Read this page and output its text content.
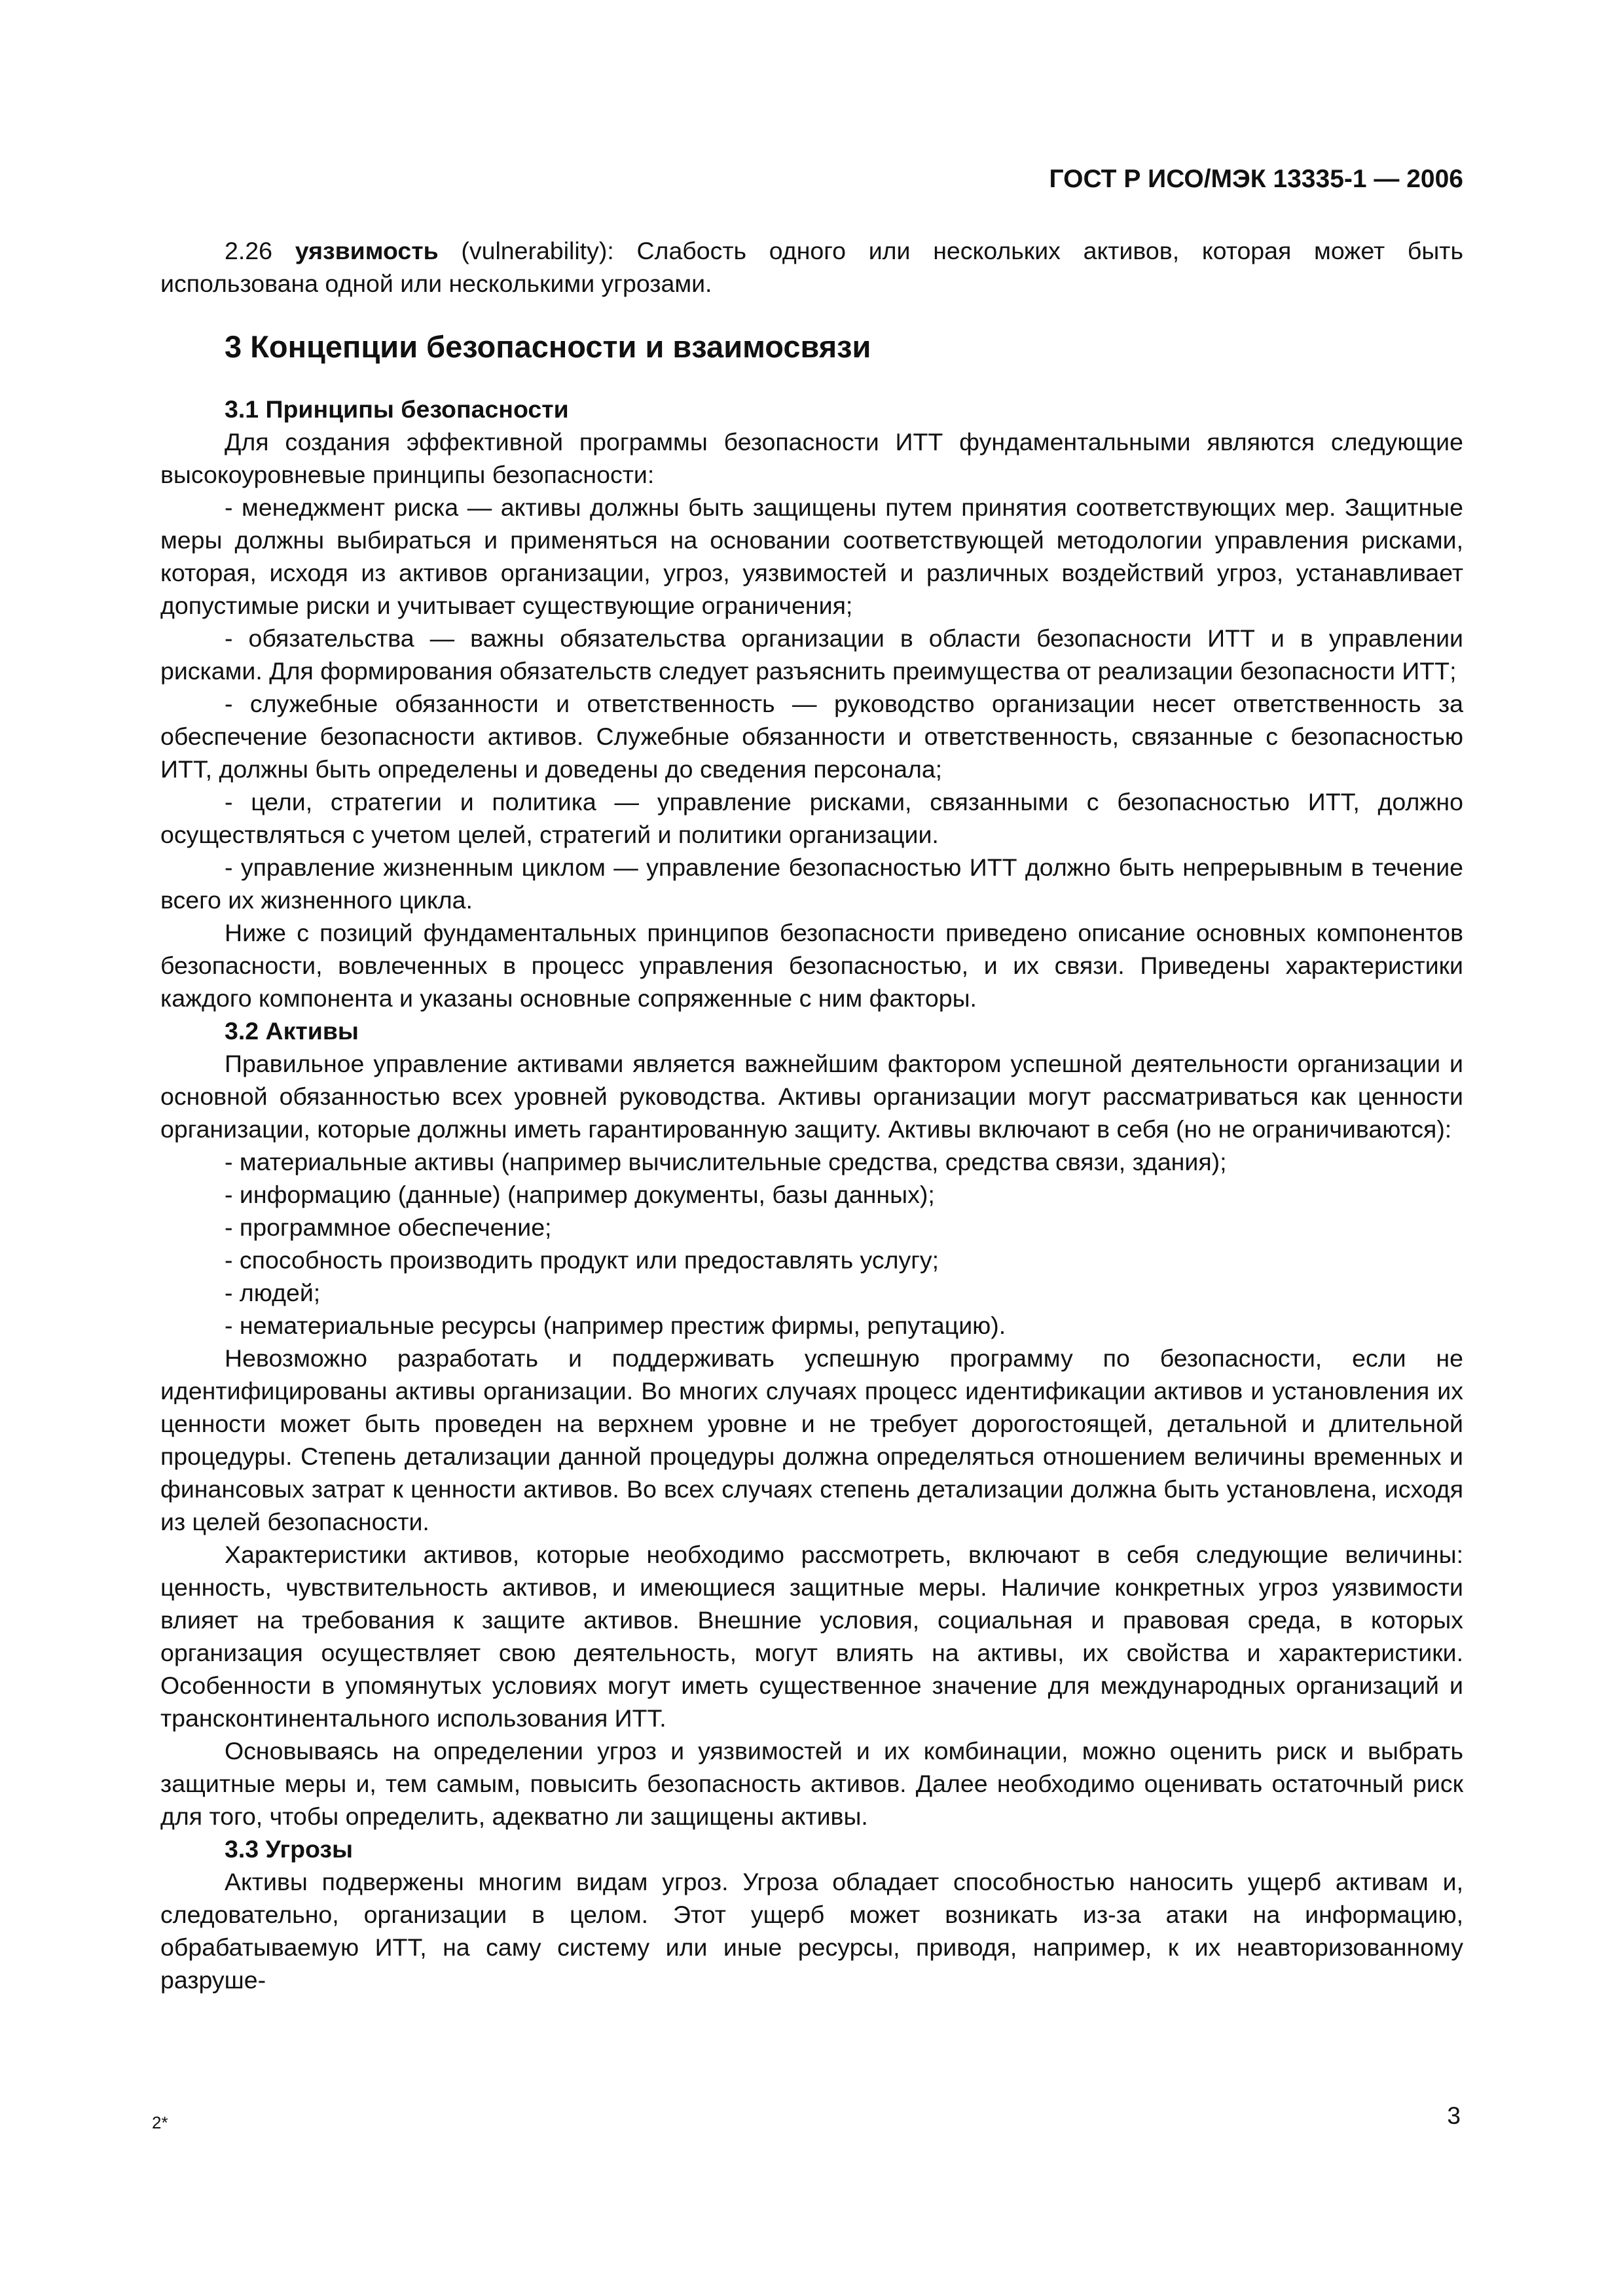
ГОСТ Р ИСО/МЭК 13335-1 — 2006

2.26 уязвимость (vulnerability): Слабость одного или нескольких активов, которая может быть использована одной или несколькими угрозами.

3 Концепции безопасности и взаимосвязи
3.1 Принципы безопасности

Для создания эффективной программы безопасности ИТТ фундаментальными являются следующие высокоуровневые принципы безопасности:

- менеджмент риска — активы должны быть защищены путем принятия соответствующих мер. Защитные меры должны выбираться и применяться на основании соответствующей методологии управления рисками, которая, исходя из активов организации, угроз, уязвимостей и различных воздействий угроз, устанавливает допустимые риски и учитывает существующие ограничения;

- обязательства — важны обязательства организации в области безопасности ИТТ и в управлении рисками. Для формирования обязательств следует разъяснить преимущества от реализации безопасности ИТТ;

- служебные обязанности и ответственность — руководство организации несет ответственность за обеспечение безопасности активов. Служебные обязанности и ответственность, связанные с безопасностью ИТТ, должны быть определены и доведены до сведения персонала;

- цели, стратегии и политика — управление рисками, связанными с безопасностью ИТТ, должно осуществляться с учетом целей, стратегий и политики организации.

- управление жизненным циклом — управление безопасностью ИТТ должно быть непрерывным в течение всего их жизненного цикла.

Ниже с позиций фундаментальных принципов безопасности приведено описание основных компонентов безопасности, вовлеченных в процесс управления безопасностью, и их связи. Приведены характеристики каждого компонента и указаны основные сопряженные с ним факторы.

3.2 Активы

Правильное управление активами является важнейшим фактором успешной деятельности организации и основной обязанностью всех уровней руководства. Активы организации могут рассматриваться как ценности организации, которые должны иметь гарантированную защиту. Активы включают в себя (но не ограничиваются):

- материальные активы (например вычислительные средства, средства связи, здания);

- информацию (данные) (например документы, базы данных);

- программное обеспечение;

- способность производить продукт или предоставлять услугу;

- людей;

- нематериальные ресурсы (например престиж фирмы, репутацию).

Невозможно разработать и поддерживать успешную программу по безопасности, если не идентифицированы активы организации. Во многих случаях процесс идентификации активов и установления их ценности может быть проведен на верхнем уровне и не требует дорогостоящей, детальной и длительной процедуры. Степень детализации данной процедуры должна определяться отношением величины временных и финансовых затрат к ценности активов. Во всех случаях степень детализации должна быть установлена, исходя из целей безопасности.

Характеристики активов, которые необходимо рассмотреть, включают в себя следующие величины: ценность, чувствительность активов, и имеющиеся защитные меры. Наличие конкретных угроз уязвимости влияет на требования к защите активов. Внешние условия, социальная и правовая среда, в которых организация осуществляет свою деятельность, могут влиять на активы, их свойства и характеристики. Особенности в упомянутых условиях могут иметь существенное значение для международных организаций и трансконтинентального использования ИТТ.

Основываясь на определении угроз и уязвимостей и их комбинации, можно оценить риск и выбрать защитные меры и, тем самым, повысить безопасность активов. Далее необходимо оценивать остаточный риск для того, чтобы определить, адекватно ли защищены активы.

3.3 Угрозы

Активы подвержены многим видам угроз. Угроза обладает способностью наносить ущерб активам и, следовательно, организации в целом. Этот ущерб может возникать из-за атаки на информацию, обрабатываемую ИТТ, на саму систему или иные ресурсы, приводя, например, к их неавторизованному разруше-

2*	3
